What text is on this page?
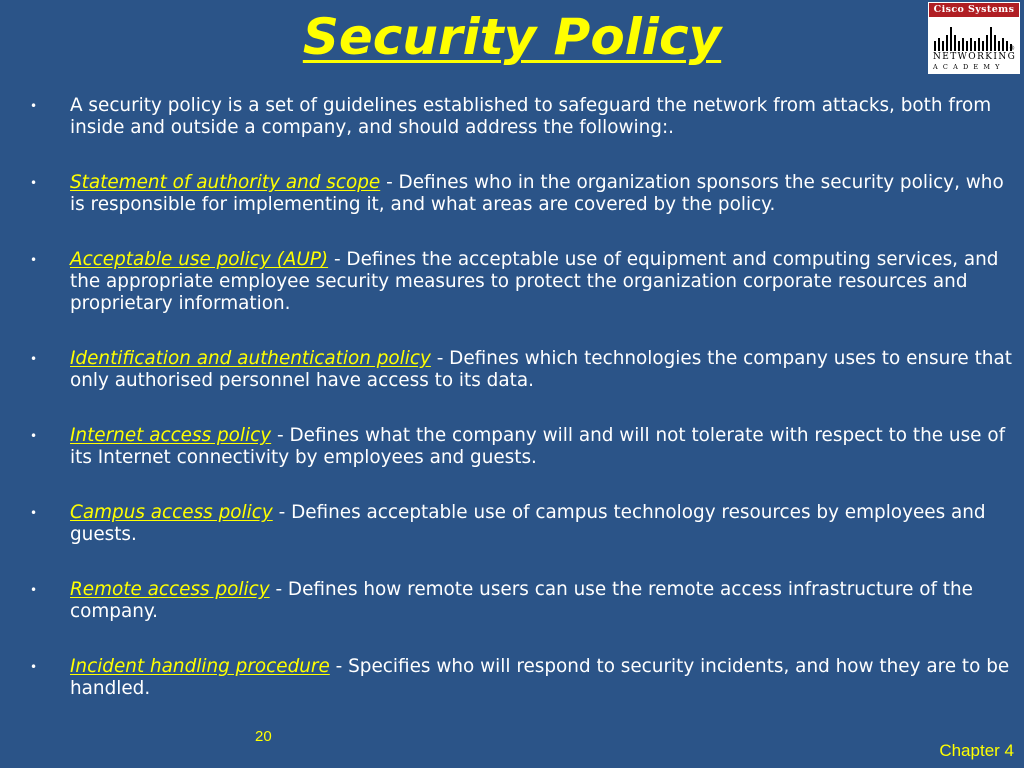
Security Policy	Cisco Systems
®
NETWORKING
ACADEMY
• A security policy is a set of guidelines established to safeguard the network from attacks, both from inside and outside a company, and should address the following:.
• Statement of authority and scope - Defines who in the organization sponsors the security policy, who is responsible for implementing it, and what areas are covered by the policy.
• Acceptable use policy (AUP) - Defines the acceptable use of equipment and computing services, and the appropriate employee security measures to protect the organization corporate resources and proprietary information.
• Identification and authentication policy - Defines which technologies the company uses to ensure that only authorised personnel have access to its data.
• Internet access policy - Defines what the company will and will not tolerate with respect to the use of its Internet connectivity by employees and guests.
• Campus access policy - Defines acceptable use of campus technology resources by employees and guests.
• Remote access policy - Defines how remote users can use the remote access infrastructure of the company.
• Incident handling procedure - Specifies who will respond to security incidents, and how they are to be handled.
20
Chapter 4
